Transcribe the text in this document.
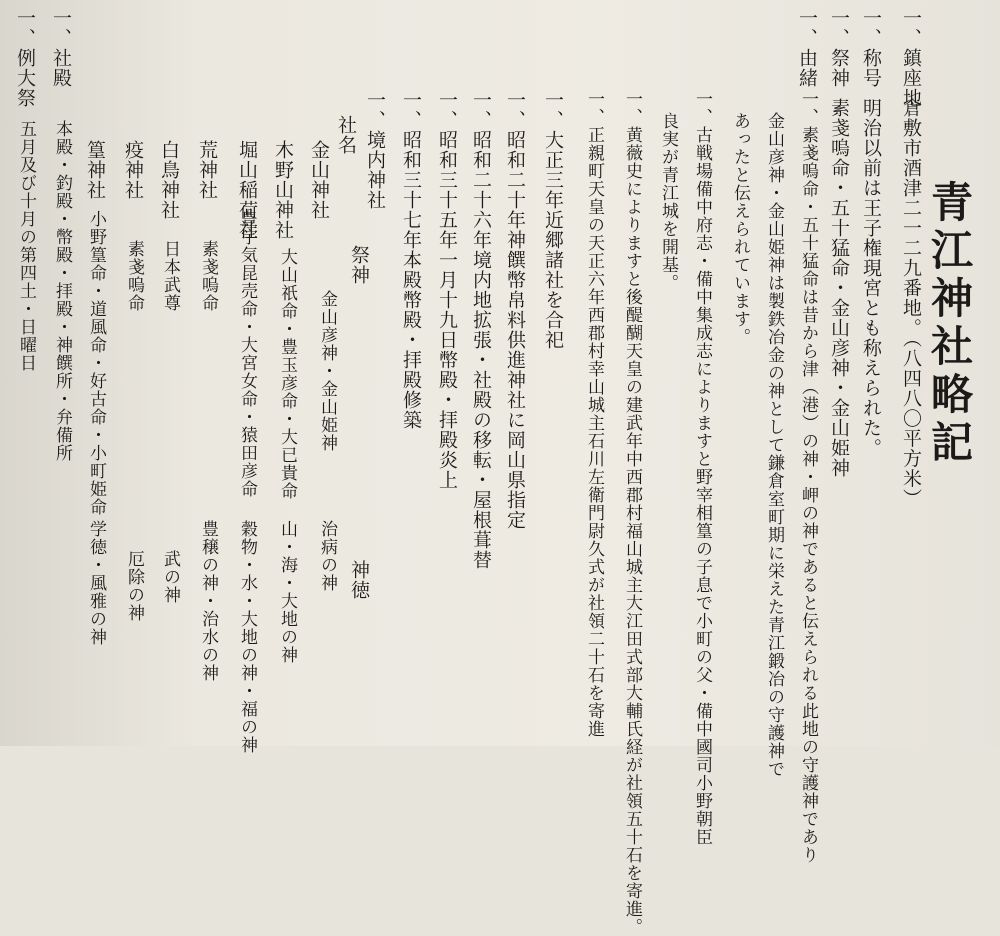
青江神社略記
一、鎮座地
一、称号
一、祭神
一、由緒
倉敷市酒津二一二九番地。（八四八〇平方米）
明治以前は王子権現宮とも称えられた。
素戔嗚命・五十猛命・金山彦神・金山姫神
一、素戔嗚命・五十猛命は昔から津（港）の神・岬の神であると伝えられる此地の守護神であり
金山彦神・金山姫神は製鉄冶金の神として鎌倉室町期に栄えた青江鍛冶の守護神で
あったと伝えられています。
一、古戦場備中府志・備中集成志によりますと野宰相篁の子息で小町の父・備中國司小野朝臣
良実が青江城を開基。
一、黄薇史によりますと後醍醐天皇の建武年中西郡村福山城主大江田式部大輔氏経が社領五十石を寄進。
一、正親町天皇の天正六年西郡村幸山城主石川左衛門尉久式が社領二十石を寄進
一、大正三年近郷諸社を合祀
一、昭和二十年神饌幣帛料供進神社に岡山県指定
一、昭和二十六年境内地拡張・社殿の移転・屋根葺替
一、昭和三十五年一月十九日幣殿・拝殿炎上
一、昭和三十七年本殿幣殿・拝殿修築
一、境内神社
社名
祭神
神徳
金山神社
金山彦神・金山姫神
治病の神
木野山神社
大山祇命・豊玉彦命・大已貴命
山・海・大地の神
堀山稲荷社
豊宇気昆売命・大宮女命・猿田彦命
穀物・水・大地の神・福の神
荒神社
素戔嗚命
豊穣の神・治水の神
白鳥神社
日本武尊
武の神
疫神社
素戔嗚命
厄除の神
篁神社
小野篁命・道風命・好古命・小町姫命
学徳・風雅の神
一、社殿
本殿・釣殿・幣殿・拝殿・神饌所・弁備所
一、例大祭
五月及び十月の第四土・日曜日
